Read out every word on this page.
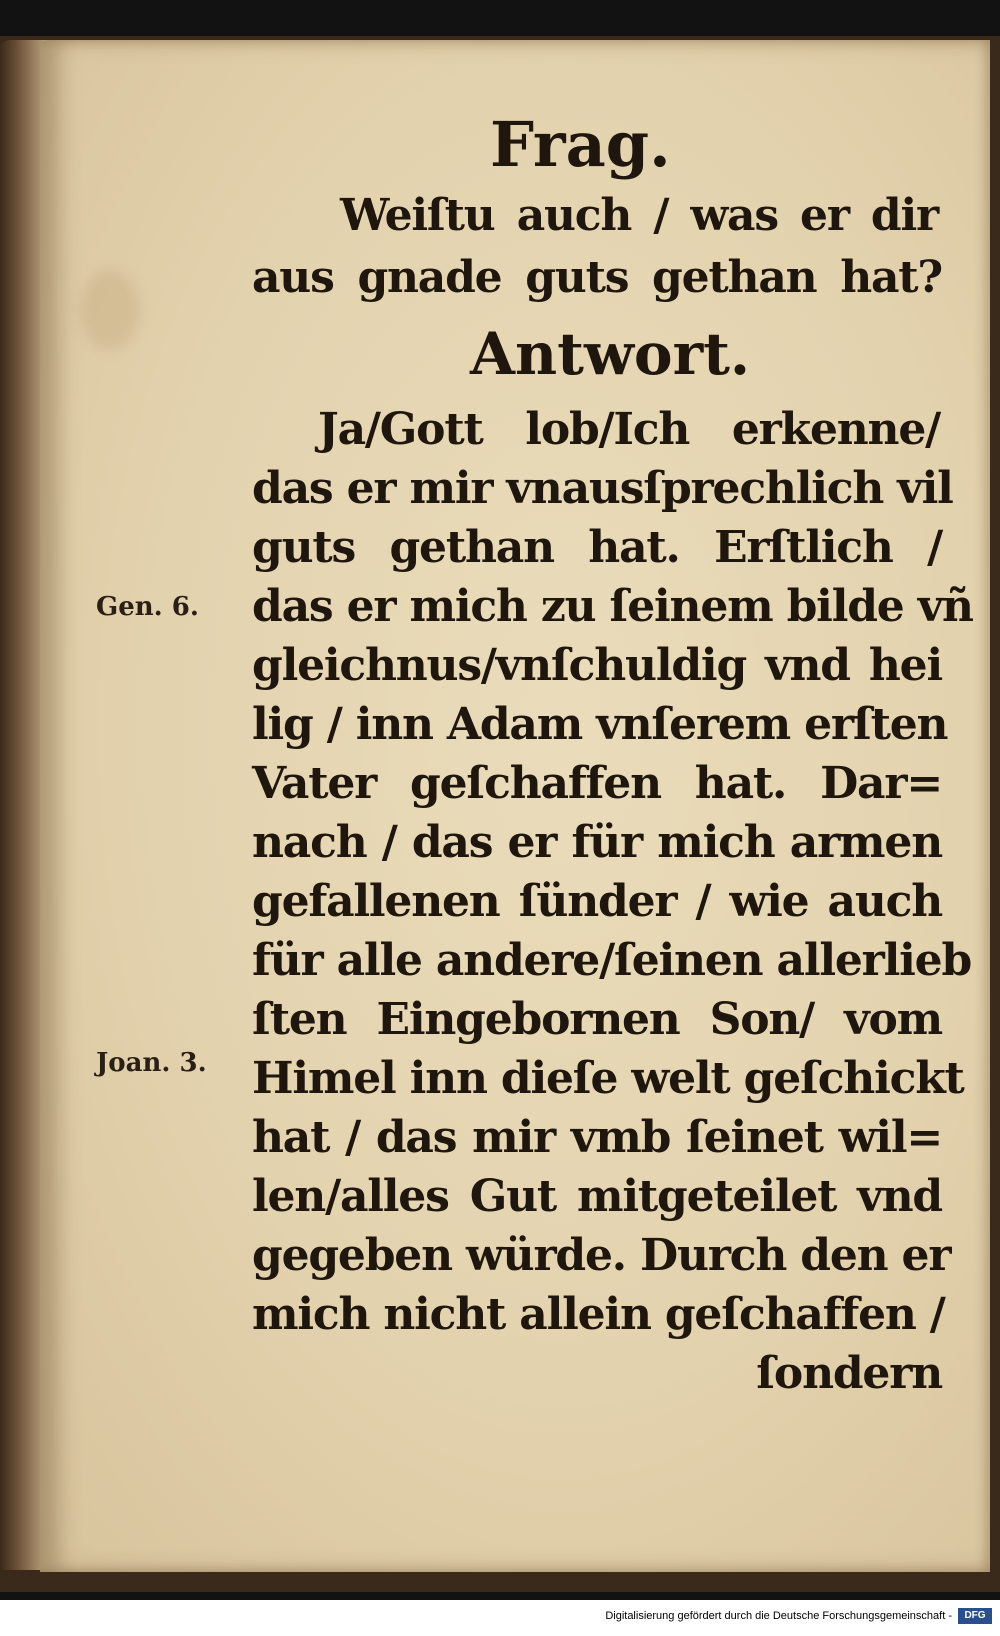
Frag.
Weiſtu auch / was er dir
aus gnade guts gethan hat?
Antwort.
Ja/Gott lob/Ich erkenne/
das er mir vnausſprechlich vil
guts gethan hat. Erſtlich /
das er mich zu ſeinem bilde vñ
gleichnus/vnſchuldig vnd hei
lig / inn Adam vnſerem erſten
Vater geſchaffen hat. Dar=
nach / das er für mich armen
gefallenen ſünder / wie auch
für alle andere/ſeinen allerlieb
ſten Eingebornen Son/ vom
Himel inn dieſe welt geſchickt
hat / das mir vmb ſeinet wil=
len/alles Gut mitgeteilet vnd
gegeben würde. Durch den er
mich nicht allein geſchaffen /
ſondern
Gen. 6.
Joan. 3.
Digitalisierung gefördert durch die Deutsche Forschungsgemeinschaft -	DFG
